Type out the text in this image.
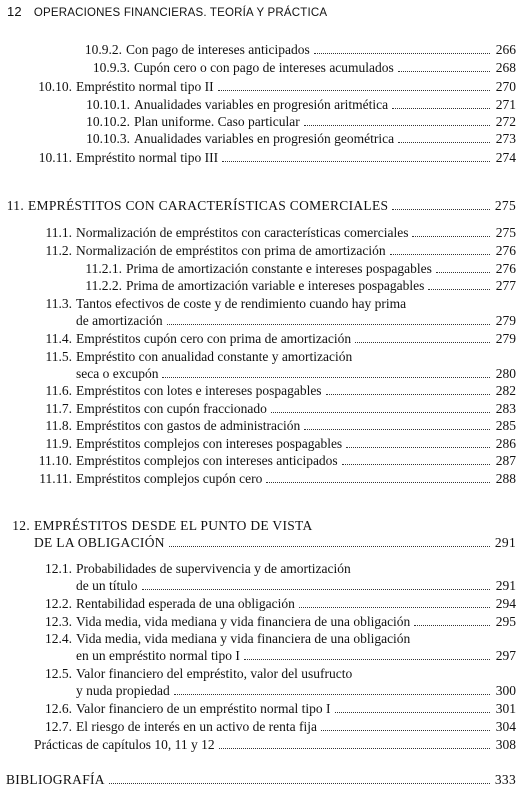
12 OPERACIONES FINANCIERAS. TEORÍA Y PRÁCTICA
10.9.2. Con pago de intereses anticipados	266
10.9.3. Cupón cero o con pago de intereses acumulados	268
10.10. Empréstito normal tipo II	270
10.10.1. Anualidades variables en progresión aritmética	271
10.10.2. Plan uniforme. Caso particular	272
10.10.3. Anualidades variables en progresión geométrica	273
10.11. Empréstito normal tipo III	274
11. EMPRÉSTITOS CON CARACTERÍSTICAS COMERCIALES	275
11.1. Normalización de empréstitos con características comerciales	275
11.2. Normalización de empréstitos con prima de amortización	276
11.2.1. Prima de amortización constante e intereses pospagables	276
11.2.2. Prima de amortización variable e intereses pospagables	277
11.3. Tantos efectivos de coste y de rendimiento cuando hay prima
de amortización	279
11.4. Empréstitos cupón cero con prima de amortización	279
11.5. Empréstito con anualidad constante y amortización
seca o excupón	280
11.6. Empréstitos con lotes e intereses pospagables	282
11.7. Empréstitos con cupón fraccionado	283
11.8. Empréstitos con gastos de administración	285
11.9. Empréstitos complejos con intereses pospagables	286
11.10. Empréstitos complejos con intereses anticipados	287
11.11. Empréstitos complejos cupón cero	288
12. EMPRÉSTITOS DESDE EL PUNTO DE VISTA
DE LA OBLIGACIÓN	291
12.1. Probabilidades de supervivencia y de amortización
de un título	291
12.2. Rentabilidad esperada de una obligación	294
12.3. Vida media, vida mediana y vida financiera de una obligación	295
12.4. Vida media, vida mediana y vida financiera de una obligación
en un empréstito normal tipo I	297
12.5. Valor financiero del empréstito, valor del usufructo
y nuda propiedad	300
12.6. Valor financiero de un empréstito normal tipo I	301
12.7. El riesgo de interés en un activo de renta fija	304
Prácticas de capítulos 10, 11 y 12	308
BIBLIOGRAFÍA	333
